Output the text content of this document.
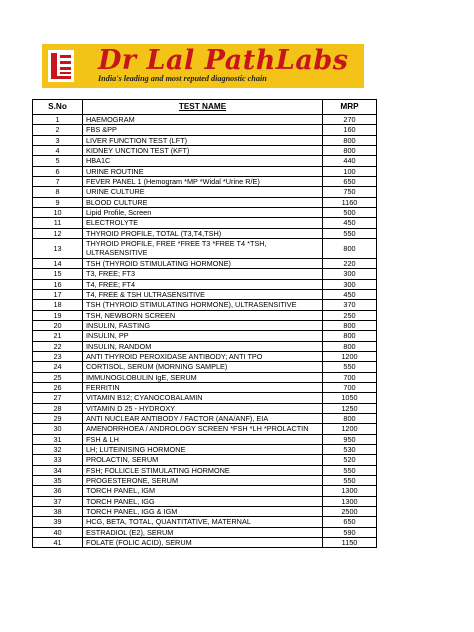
Dr Lal PathLabs
India's leading and most reputed diagnostic chain
S.No	TEST NAME	MRP
1	HAEMOGRAM	270
2	FBS &PP	160
3	LIVER FUNCTION TEST (LFT)	800
4	KIDNEY UNCTION TEST (KFT)	800
5	HBA1C	440
6	URINE ROUTINE	100
7	FEVER PANEL 1 (Hemogram *MP *Widal *Urine R/E)	650
8	URINE CULTURE	750
9	BLOOD CULTURE	1160
10	Lipid Profile, Screen	500
11	ELECTROLYTE	450
12	THYROID PROFILE, TOTAL (T3,T4,TSH)	550
13	THYROID PROFILE, FREE *FREE T3 *FREE T4 *TSH, ULTRASENSITIVE	800
14	TSH (THYROID STIMULATING HORMONE)	220
15	T3, FREE; FT3	300
16	T4, FREE; FT4	300
17	T4, FREE & TSH ULTRASENSITIVE	450
18	TSH (THYROID STIMULATING HORMONE), ULTRASENSITIVE	370
19	TSH, NEWBORN SCREEN	250
20	INSULIN, FASTING	800
21	INSULIN, PP	800
22	INSULIN, RANDOM	800
23	ANTI THYROID PEROXIDASE ANTIBODY; ANTI TPO	1200
24	CORTISOL, SERUM (MORNING SAMPLE)	550
25	IMMUNOGLOBULIN IgE, SERUM	700
26	FERRITIN	700
27	VITAMIN B12; CYANOCOBALAMIN	1050
28	VITAMIN D 25 - HYDROXY	1250
29	ANTI NUCLEAR ANTIBODY / FACTOR (ANA/ANF), EIA	800
30	AMENORRHOEA / ANDROLOGY SCREEN *FSH *LH *PROLACTIN	1200
31	FSH & LH	950
32	LH; LUTEINISING HORMONE	530
33	PROLACTIN, SERUM	520
34	FSH; FOLLICLE STIMULATING HORMONE	550
35	PROGESTERONE, SERUM	550
36	TORCH PANEL, IGM	1300
37	TORCH PANEL, IGG	1300
38	TORCH PANEL, IGG & IGM	2500
39	HCG, BETA, TOTAL, QUANTITATIVE, MATERNAL	650
40	ESTRADIOL (E2), SERUM	590
41	FOLATE (FOLIC ACID), SERUM	1150
